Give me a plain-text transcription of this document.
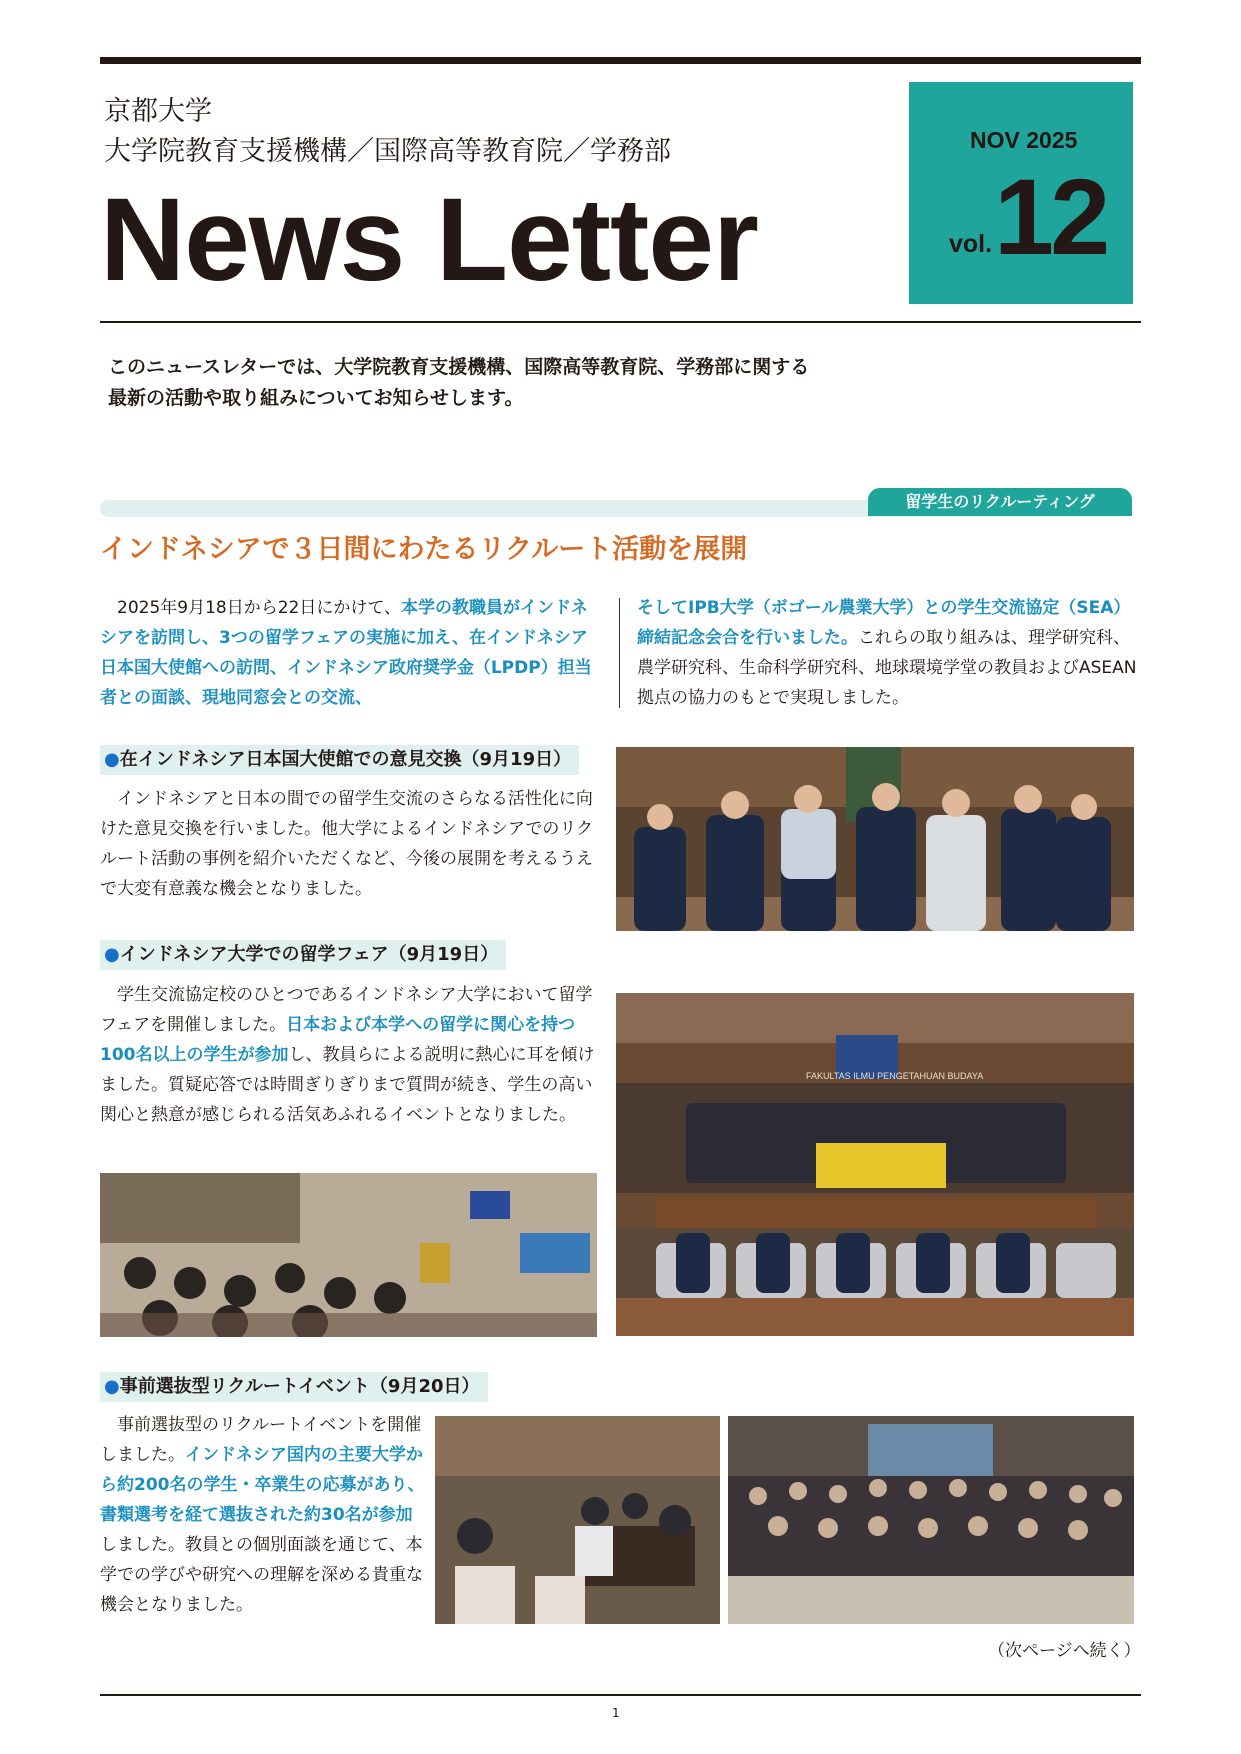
京都大学
大学院教育支援機構／国際高等教育院／学務部
News Letter
NOV 2025
vol. 12
このニュースレターでは、大学院教育支援機構、国際高等教育院、学務部に関する
最新の活動や取り組みについてお知らせします。
留学生のリクルーティング
インドネシアで３日間にわたるリクルート活動を展開
　2025年9月18日から22日にかけて、本学の教職員がインドネシアを訪問し、3つの留学フェアの実施に加え、在インドネシア日本国大使館への訪問、インドネシア政府奨学金（LPDP）担当者との面談、現地同窓会との交流、
そしてIPB大学（ボゴール農業大学）との学生交流協定（SEA）締結記念会合を行いました。これらの取り組みは、理学研究科、農学研究科、生命科学研究科、地球環境学堂の教員およびASEAN拠点の協力のもとで実現しました。
●在インドネシア日本国大使館での意見交換（9月19日）
　インドネシアと日本の間での留学生交流のさらなる活性化に向けた意見交換を行いました。他大学によるインドネシアでのリクルート活動の事例を紹介いただくなど、今後の展開を考えるうえで大変有意義な機会となりました。
●インドネシア大学での留学フェア（9月19日）
　学生交流協定校のひとつであるインドネシア大学において留学フェアを開催しました。日本および本学への留学に関心を持つ100名以上の学生が参加し、教員らによる説明に熱心に耳を傾けました。質疑応答では時間ぎりぎりまで質問が続き、学生の高い関心と熱意が感じられる活気あふれるイベントとなりました。
FAKULTAS ILMU PENGETAHUAN BUDAYA
●事前選抜型リクルートイベント（9月20日）
　事前選抜型のリクルートイベントを開催しました。インドネシア国内の主要大学から約200名の学生・卒業生の応募があり、書類選考を経て選抜された約30名が参加しました。教員との個別面談を通じて、本学での学びや研究への理解を深める貴重な機会となりました。
（次ページへ続く）
1
